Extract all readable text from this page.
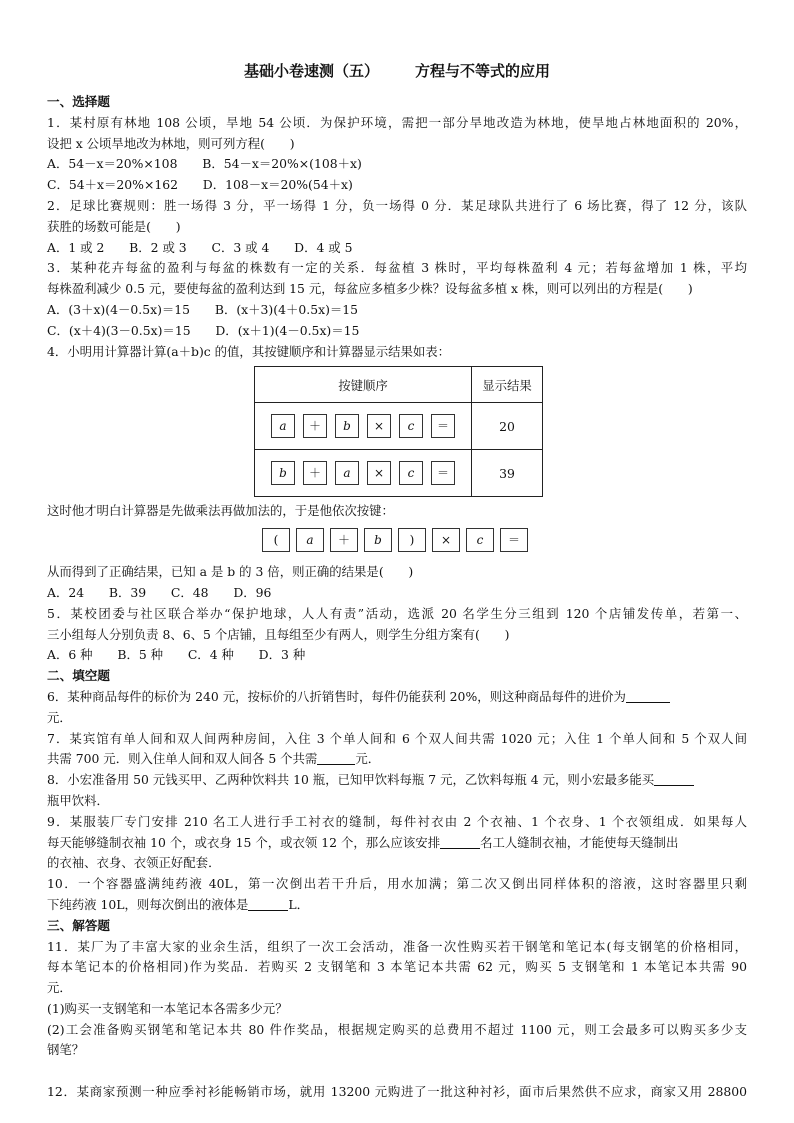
基础小卷速测（五） 方程与不等式的应用
一、选择题
1．某村原有林地 108 公顷，旱地 54 公顷．为保护环境，需把一部分旱地改造为林地，使旱地占林地面积的 20%，
设把 x 公顷旱地改为林地，则可列方程(　　)
A．54－x＝20%×108　　B．54－x＝20%×(108＋x)
C．54＋x＝20%×162　　D．108－x＝20%(54＋x)
2．足球比赛规则：胜一场得 3 分，平一场得 1 分，负一场得 0 分．某足球队共进行了 6 场比赛，得了 12 分，该队
获胜的场数可能是(　　)
A．1 或 2　　B．2 或 3　　C．3 或 4　　D．4 或 5
3．某种花卉每盆的盈利与每盆的株数有一定的关系．每盆植 3 株时，平均每株盈利 4 元；若每盆增加 1 株，平均
每株盈利减少 0.5 元，要使每盆的盈利达到 15 元，每盆应多植多少株？设每盆多植 x 株，则可以列出的方程是(　　)
A．(3＋x)(4－0.5x)＝15　　B．(x＋3)(4＋0.5x)＝15
C．(x＋4)(3－0.5x)＝15　　D．(x＋1)(4－0.5x)＝15
4．小明用计算器计算(a＋b)c 的值，其按键顺序和计算器显示结果如表：
按键顺序	显示结果
a ＋ b × c ＝	20
b ＋ a × c ＝	39
这时他才明白计算器是先做乘法再做加法的，于是他依次按键：
( a ＋ b ) × c ＝
从而得到了正确结果，已知 a 是 b 的 3 倍，则正确的结果是(　　)
A．24　　B．39　　C．48　　D．96
5．某校团委与社区联合举办“保护地球，人人有责”活动，选派 20 名学生分三组到 120 个店铺发传单，若第一、
三小组每人分别负责 8、6、5 个店铺，且每组至少有两人，则学生分组方案有(　　)
A．6 种　　B．5 种　　C．4 种　　D．3 种
二、填空题
6．某种商品每件的标价为 240 元，按标价的八折销售时，每件仍能获利 20%，则这种商品每件的进价为
元．
7．某宾馆有单人间和双人间两种房间，入住 3 个单人间和 6 个双人间共需 1020 元；入住 1 个单人间和 5 个双人间
共需 700 元．则入住单人间和双人间各 5 个共需	元．
8．小宏准备用 50 元钱买甲、乙两种饮料共 10 瓶，已知甲饮料每瓶 7 元，乙饮料每瓶 4 元，则小宏最多能买
瓶甲饮料．
9．某服装厂专门安排 210 名工人进行手工衬衣的缝制，每件衬衣由 2 个衣袖、1 个衣身、1 个衣领组成．如果每人
每天能够缝制衣袖 10 个，或衣身 15 个，或衣领 12 个，那么应该安排	名工人缝制衣袖，才能使每天缝制出
的衣袖、衣身、衣领正好配套．
10．一个容器盛满纯药液 40L，第一次倒出若干升后，用水加满；第二次又倒出同样体积的溶液，这时容器里只剩
下纯药液 10L，则每次倒出的液体是	L．
三、解答题
11．某厂为了丰富大家的业余生活，组织了一次工会活动，准备一次性购买若干钢笔和笔记本(每支钢笔的价格相同，
每本笔记本的价格相同)作为奖品．若购买 2 支钢笔和 3 本笔记本共需 62 元，购买 5 支钢笔和 1 本笔记本共需 90
元．
(1)购买一支钢笔和一本笔记本各需多少元？
(2)工会准备购买钢笔和笔记本共 80 件作奖品，根据规定购买的总费用不超过 1100 元，则工会最多可以购买多少支
钢笔？
12．某商家预测一种应季衬衫能畅销市场，就用 13200 元购进了一批这种衬衫，面市后果然供不应求，商家又用 28800
